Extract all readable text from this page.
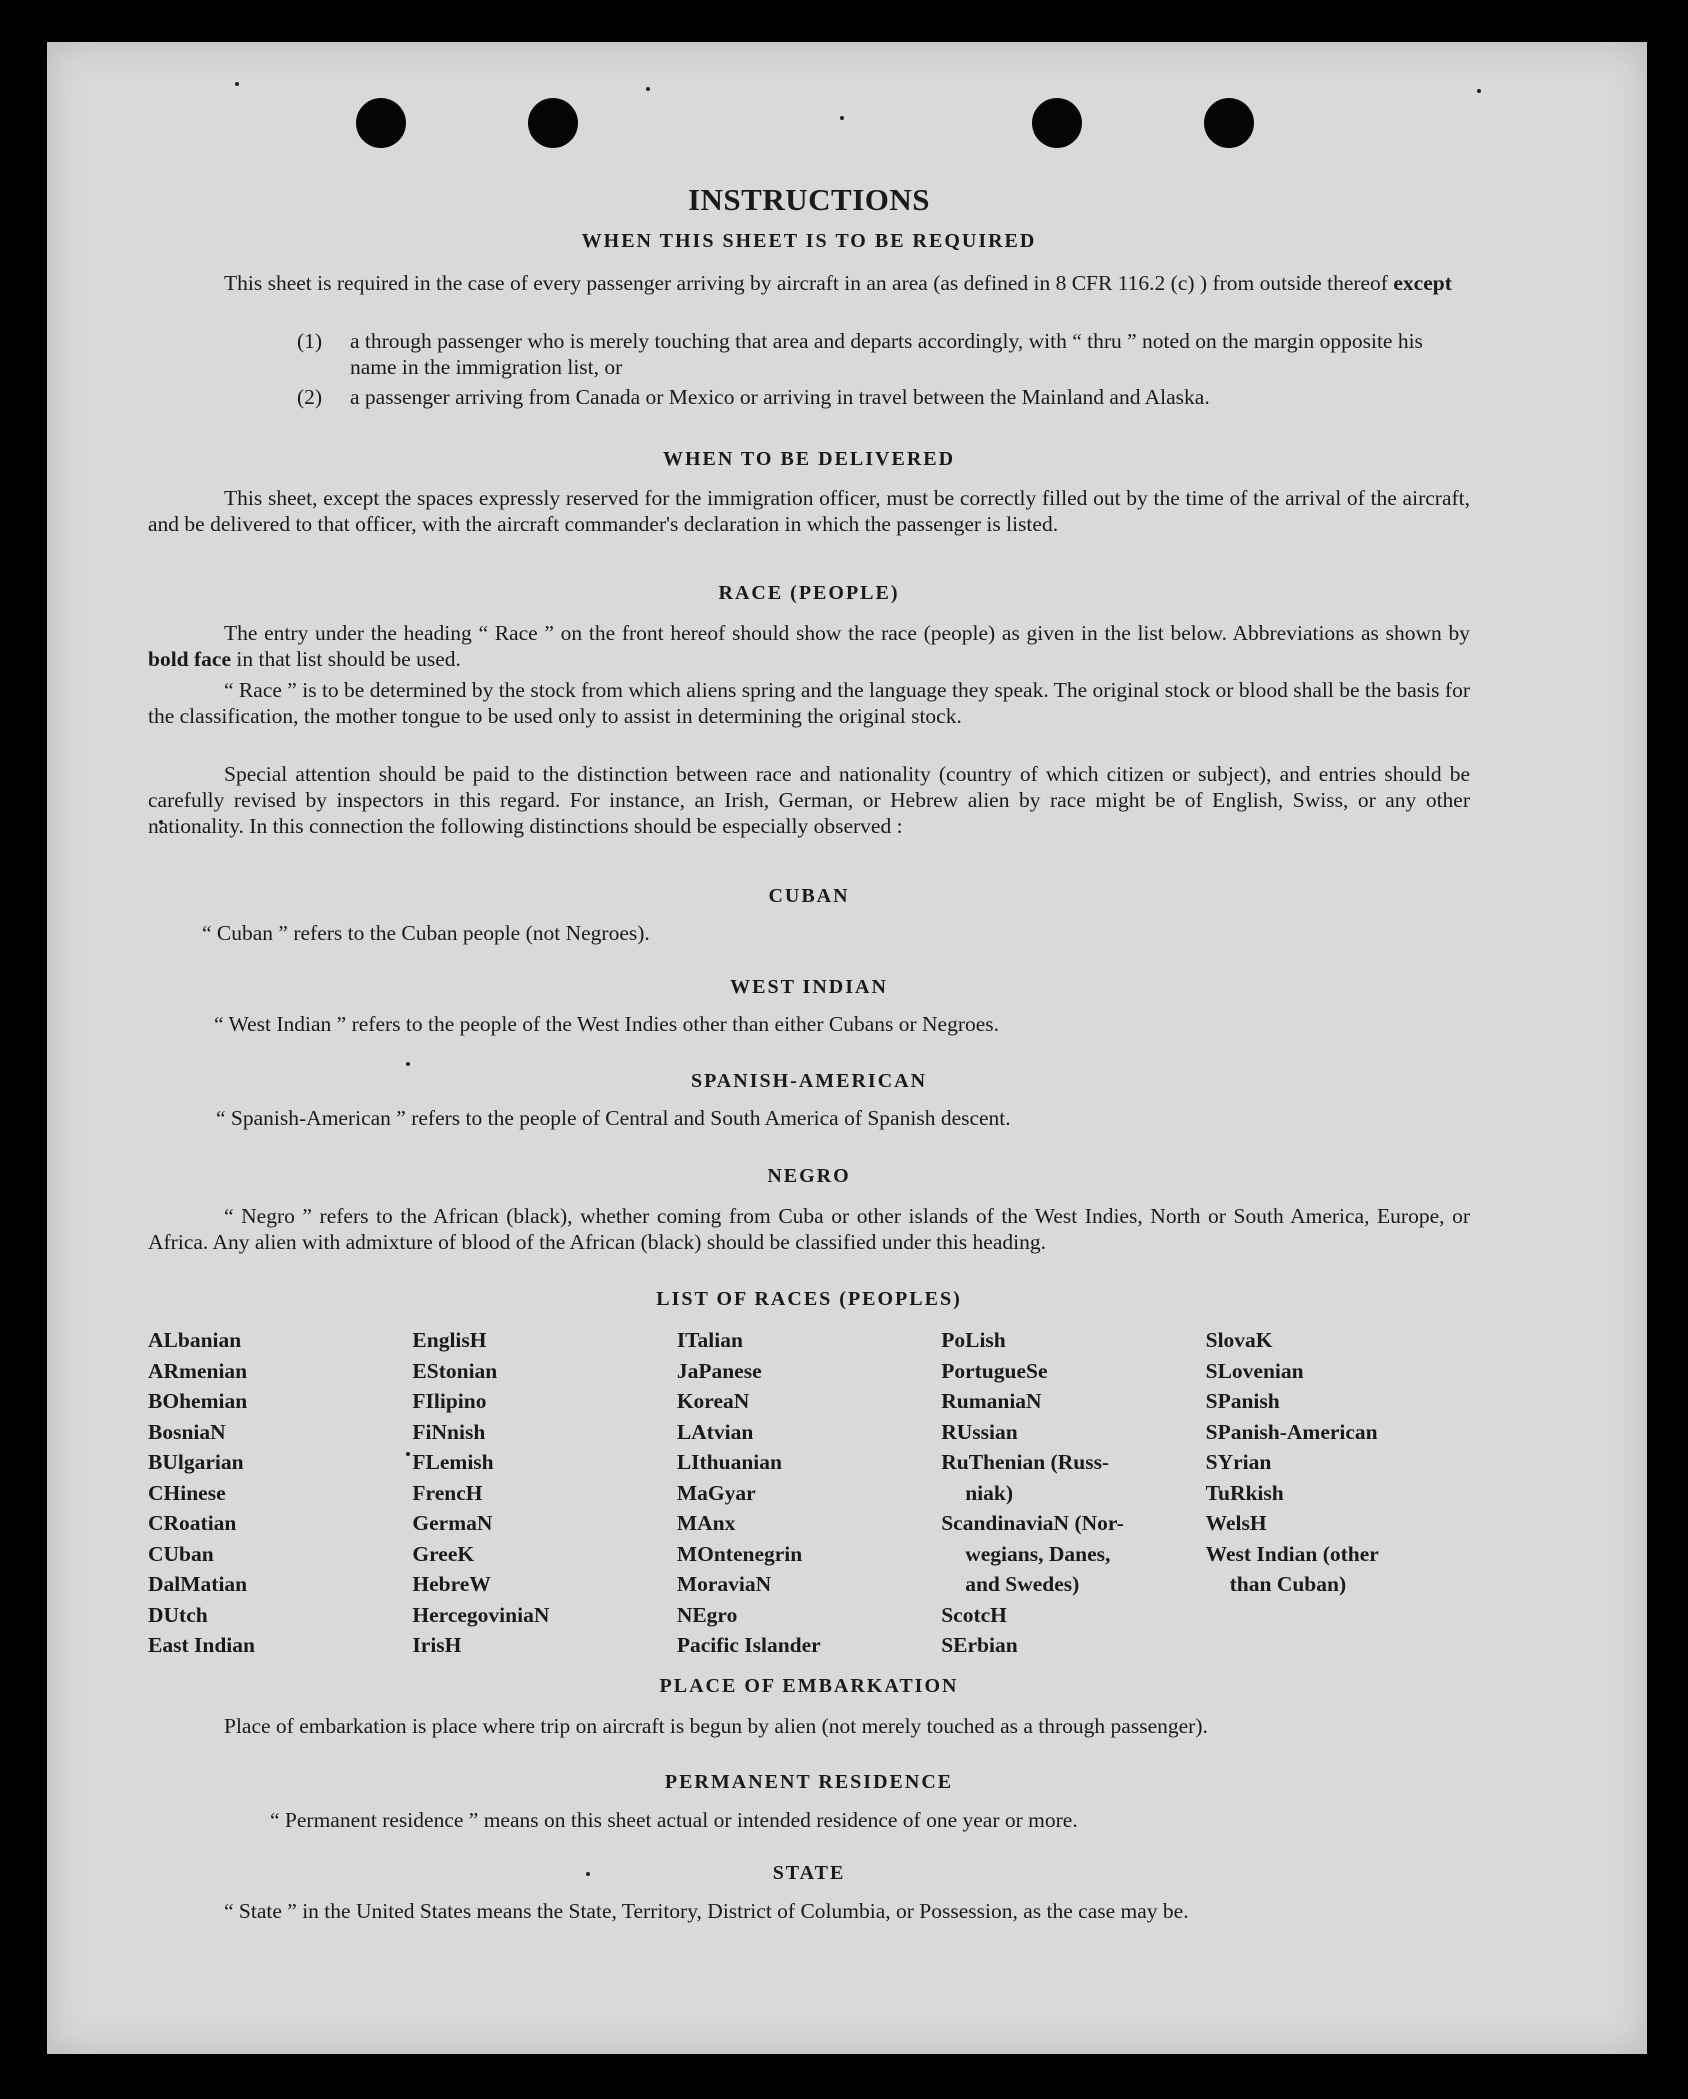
INSTRUCTIONS
WHEN THIS SHEET IS TO BE REQUIRED
This sheet is required in the case of every passenger arriving by aircraft in an area (as defined in 8 CFR 116.2 (c) ) from outside thereof except
(1) a through passenger who is merely touching that area and departs accordingly, with “ thru ” noted on the margin opposite his name in the immigration list, or
(2) a passenger arriving from Canada or Mexico or arriving in travel between the Mainland and Alaska.
WHEN TO BE DELIVERED
This sheet, except the spaces expressly reserved for the immigration officer, must be correctly filled out by the time of the arrival of the aircraft, and be delivered to that officer, with the aircraft commander's declaration in which the passenger is listed.
RACE (PEOPLE)
The entry under the heading “ Race ” on the front hereof should show the race (people) as given in the list below. Abbreviations as shown by bold face in that list should be used.
“ Race ” is to be determined by the stock from which aliens spring and the language they speak. The original stock or blood shall be the basis for the classification, the mother tongue to be used only to assist in determining the original stock.
Special attention should be paid to the distinction between race and nationality (country of which citizen or subject), and entries should be carefully revised by inspectors in this regard. For instance, an Irish, German, or Hebrew alien by race might be of English, Swiss, or any other nationality. In this connection the following distinctions should be especially observed :
CUBAN
“ Cuban ” refers to the Cuban people (not Negroes).
WEST INDIAN
“ West Indian ” refers to the people of the West Indies other than either Cubans or Negroes.
SPANISH-AMERICAN
“ Spanish-American ” refers to the people of Central and South America of Spanish descent.
NEGRO
“ Negro ” refers to the African (black), whether coming from Cuba or other islands of the West Indies, North or South America, Europe, or Africa. Any alien with admixture of blood of the African (black) should be classified under this heading.
LIST OF RACES (PEOPLES)
ALbanian
ARmenian
BOhemian
BosniaN
BUlgarian
CHinese
CRoatian
CUban
DalMatian
DUtch
East Indian
EnglisH
EStonian
FIlipino
FiNnish
FLemish
FrencH
GermaN
GreeK
HebreW
HercegoviniaN
IrisH
ITalian
JaPanese
KoreaN
LAtvian
LIthuanian
MaGyar
MAnx
MOntenegrin
MoraviaN
NEgro
Pacific Islander
PoLish
PortugueSe
RumaniaN
RUssian
RuThenian (Russ-
niak)
ScandinaviaN (Nor-
wegians, Danes,
and Swedes)
ScotcH
SErbian
SlovaK
SLovenian
SPanish
SPanish-American
SYrian
TuRkish
WelsH
West Indian (other
than Cuban)
PLACE OF EMBARKATION
Place of embarkation is place where trip on aircraft is begun by alien (not merely touched as a through passenger).
PERMANENT RESIDENCE
“ Permanent residence ” means on this sheet actual or intended residence of one year or more.
STATE
“ State ” in the United States means the State, Territory, District of Columbia, or Possession, as the case may be.
